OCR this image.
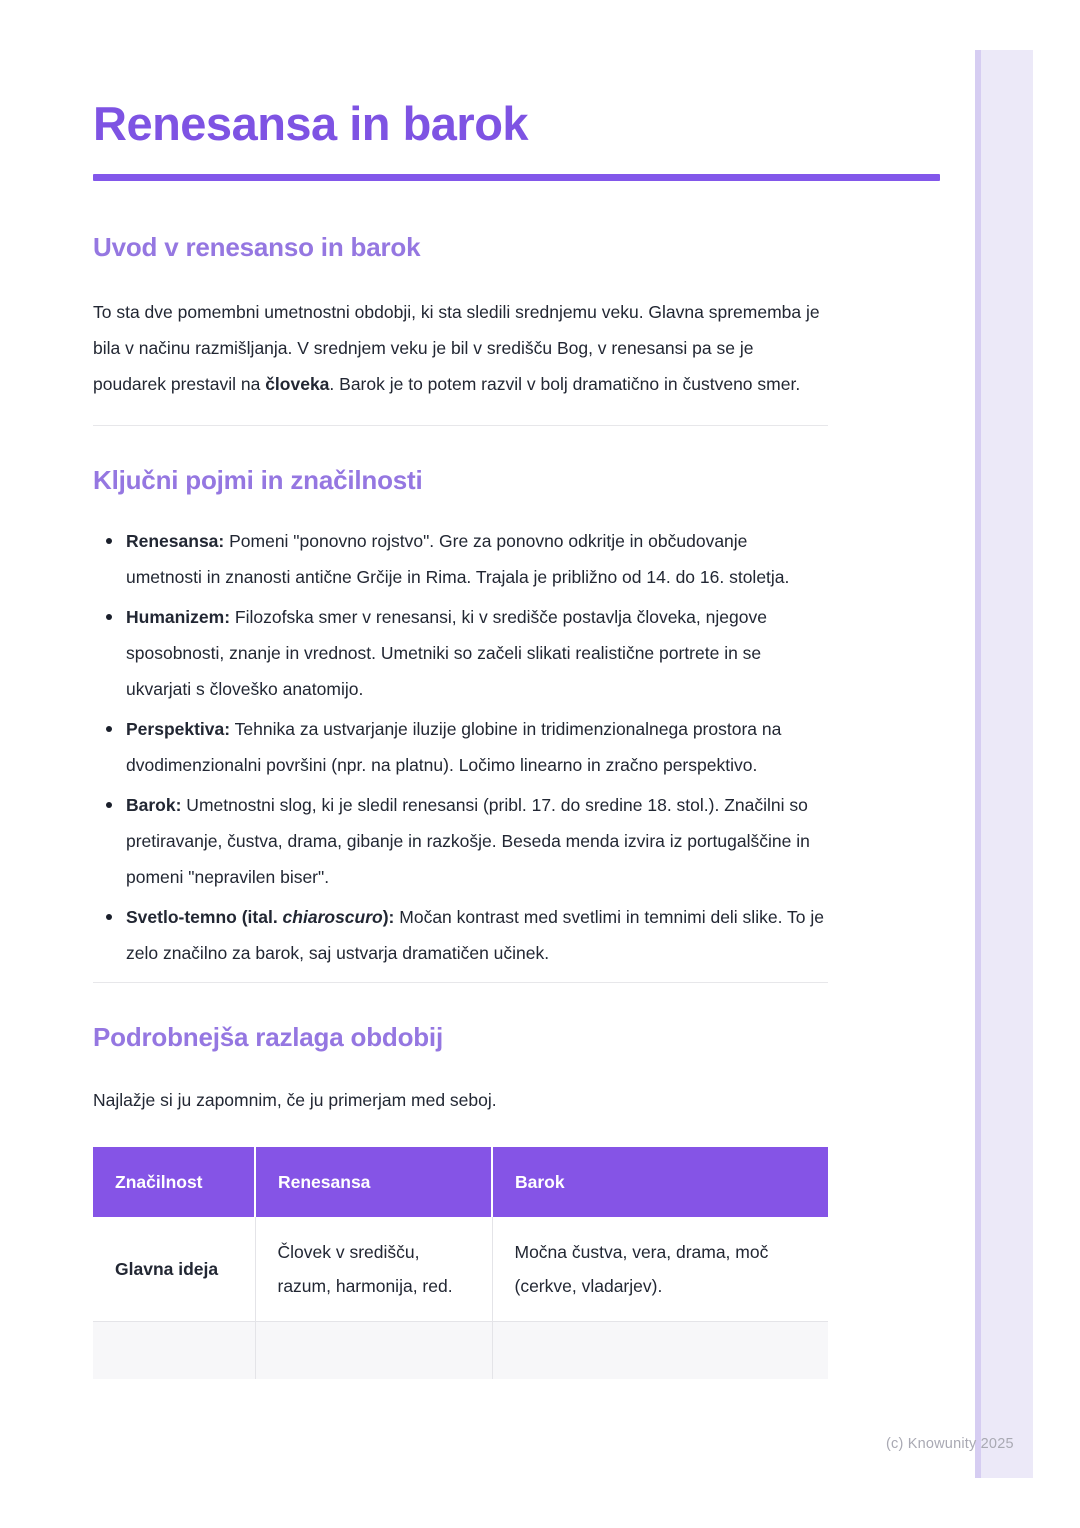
(c) Knowunity 2025
Renesansa in barok
Uvod v renesanso in barok

To sta dve pomembni umetnostni obdobji, ki sta sledili srednjemu veku. Glavna sprememba je bila v načinu razmišljanja. V srednjem veku je bil v središču Bog, v renesansi pa se je poudarek prestavil na človeka. Barok je to potem razvil v bolj dramatično in čustveno smer.

Ključni pojmi in značilnosti
Renesansa: Pomeni "ponovno rojstvo". Gre za ponovno odkritje in občudovanje umetnosti in znanosti antične Grčije in Rima. Trajala je približno od 14. do 16. stoletja.
Humanizem: Filozofska smer v renesansi, ki v središče postavlja človeka, njegove sposobnosti, znanje in vrednost. Umetniki so začeli slikati realistične portrete in se ukvarjati s človeško anatomijo.
Perspektiva: Tehnika za ustvarjanje iluzije globine in tridimenzionalnega prostora na dvodimenzionalni površini (npr. na platnu). Ločimo linearno in zračno perspektivo.
Barok: Umetnostni slog, ki je sledil renesansi (pribl. 17. do sredine 18. stol.). Značilni so pretiravanje, čustva, drama, gibanje in razkošje. Beseda menda izvira iz portugalščine in pomeni "nepravilen biser".
Svetlo-temno (ital. chiaroscuro): Močan kontrast med svetlimi in temnimi deli slike. To je zelo značilno za barok, saj ustvarja dramatičen učinek.
Podrobnejša razlaga obdobij

Najlažje si ju zapomnim, če ju primerjam med seboj.

Značilnost	Renesansa	Barok
Glavna ideja	Človek v središču, razum, harmonija, red.	Močna čustva, vera, drama, moč (cerkve, vladarjev).
